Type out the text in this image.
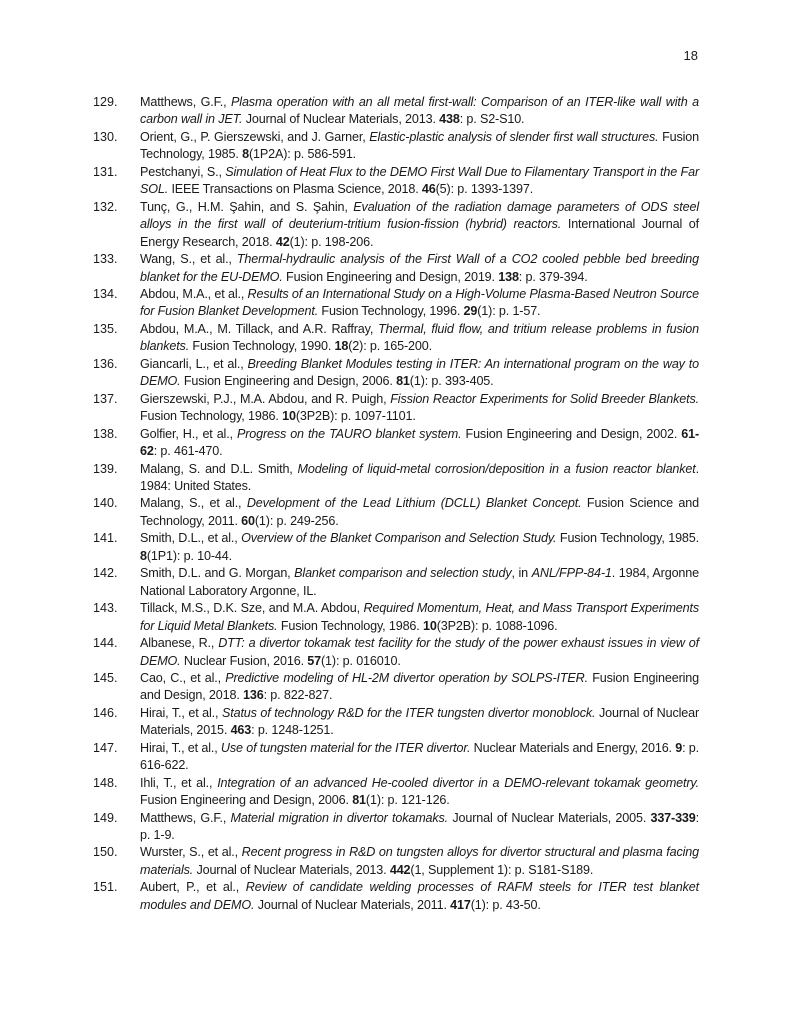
18
129.	Matthews, G.F., Plasma operation with an all metal first-wall: Comparison of an ITER-like wall with a carbon wall in JET. Journal of Nuclear Materials, 2013. 438: p. S2-S10.
130.	Orient, G., P. Gierszewski, and J. Garner, Elastic-plastic analysis of slender first wall structures. Fusion Technology, 1985. 8(1P2A): p. 586-591.
131.	Pestchanyi, S., Simulation of Heat Flux to the DEMO First Wall Due to Filamentary Transport in the Far SOL. IEEE Transactions on Plasma Science, 2018. 46(5): p. 1393-1397.
132.	Tunç, G., H.M. Şahin, and S. Şahin, Evaluation of the radiation damage parameters of ODS steel alloys in the first wall of deuterium-tritium fusion-fission (hybrid) reactors. International Journal of Energy Research, 2018. 42(1): p. 198-206.
133.	Wang, S., et al., Thermal-hydraulic analysis of the First Wall of a CO2 cooled pebble bed breeding blanket for the EU-DEMO. Fusion Engineering and Design, 2019. 138: p. 379-394.
134.	Abdou, M.A., et al., Results of an International Study on a High-Volume Plasma-Based Neutron Source for Fusion Blanket Development. Fusion Technology, 1996. 29(1): p. 1-57.
135.	Abdou, M.A., M. Tillack, and A.R. Raffray, Thermal, fluid flow, and tritium release problems in fusion blankets. Fusion Technology, 1990. 18(2): p. 165-200.
136.	Giancarli, L., et al., Breeding Blanket Modules testing in ITER: An international program on the way to DEMO. Fusion Engineering and Design, 2006. 81(1): p. 393-405.
137.	Gierszewski, P.J., M.A. Abdou, and R. Puigh, Fission Reactor Experiments for Solid Breeder Blankets. Fusion Technology, 1986. 10(3P2B): p. 1097-1101.
138.	Golfier, H., et al., Progress on the TAURO blanket system. Fusion Engineering and Design, 2002. 61-62: p. 461-470.
139.	Malang, S. and D.L. Smith, Modeling of liquid-metal corrosion/deposition in a fusion reactor blanket. 1984: United States.
140.	Malang, S., et al., Development of the Lead Lithium (DCLL) Blanket Concept. Fusion Science and Technology, 2011. 60(1): p. 249-256.
141.	Smith, D.L., et al., Overview of the Blanket Comparison and Selection Study. Fusion Technology, 1985. 8(1P1): p. 10-44.
142.	Smith, D.L. and G. Morgan, Blanket comparison and selection study, in ANL/FPP-84-1. 1984, Argonne National Laboratory Argonne, IL.
143.	Tillack, M.S., D.K. Sze, and M.A. Abdou, Required Momentum, Heat, and Mass Transport Experiments for Liquid Metal Blankets. Fusion Technology, 1986. 10(3P2B): p. 1088-1096.
144.	Albanese, R., DTT: a divertor tokamak test facility for the study of the power exhaust issues in view of DEMO. Nuclear Fusion, 2016. 57(1): p. 016010.
145.	Cao, C., et al., Predictive modeling of HL-2M divertor operation by SOLPS-ITER. Fusion Engineering and Design, 2018. 136: p. 822-827.
146.	Hirai, T., et al., Status of technology R&D for the ITER tungsten divertor monoblock. Journal of Nuclear Materials, 2015. 463: p. 1248-1251.
147.	Hirai, T., et al., Use of tungsten material for the ITER divertor. Nuclear Materials and Energy, 2016. 9: p. 616-622.
148.	Ihli, T., et al., Integration of an advanced He-cooled divertor in a DEMO-relevant tokamak geometry. Fusion Engineering and Design, 2006. 81(1): p. 121-126.
149.	Matthews, G.F., Material migration in divertor tokamaks. Journal of Nuclear Materials, 2005. 337-339: p. 1-9.
150.	Wurster, S., et al., Recent progress in R&D on tungsten alloys for divertor structural and plasma facing materials. Journal of Nuclear Materials, 2013. 442(1, Supplement 1): p. S181-S189.
151.	Aubert, P., et al., Review of candidate welding processes of RAFM steels for ITER test blanket modules and DEMO. Journal of Nuclear Materials, 2011. 417(1): p. 43-50.
